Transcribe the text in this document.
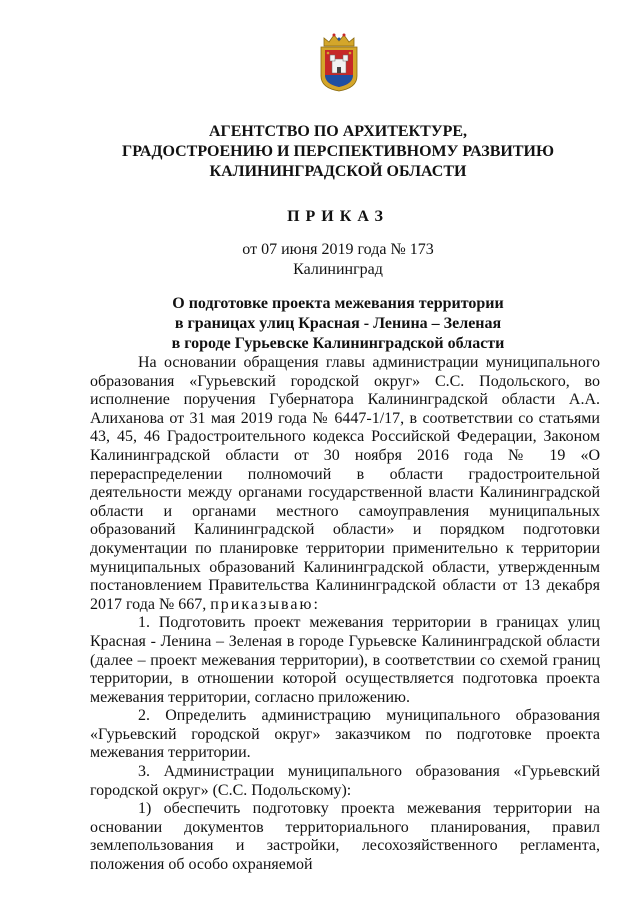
АГЕНТСТВО ПО АРХИТЕКТУРЕ,
ГРАДОСТРОЕНИЮ И ПЕРСПЕКТИВНОМУ РАЗВИТИЮ
КАЛИНИНГРАДСКОЙ ОБЛАСТИ
ПРИКАЗ
от 07 июня 2019 года № 173
Калининград
О подготовке проекта межевания территории
в границах улиц Красная - Ленина – Зеленая
в городе Гурьевске Калининградской области

На основании обращения главы администрации муниципального образования «Гурьевский городской округ» С.С. Подольского, во исполнение поручения Губернатора Калининградской области А.А. Алиханова от 31 мая 2019 года № 6447-1/17, в соответствии со статьями 43, 45, 46 Градостроительного кодекса Российской Федерации, Законом Калининградской области от 30 ноября 2016 года № 19 «О перераспределении полномочий в области градостроительной деятельности между органами государственной власти Калининградской области и органами местного самоуправления муниципальных образований Калининградской области» и порядком подготовки документации по планировке территории применительно к территории муниципальных образований Калининградской области, утвержденным постановлением Правительства Калининградской области от 13 декабря 2017 года № 667, приказываю:

1. Подготовить проект межевания территории в границах улиц Красная - Ленина – Зеленая в городе Гурьевске Калининградской области (далее – проект межевания территории), в соответствии со схемой границ территории, в отношении которой осуществляется подготовка проекта межевания территории, согласно приложению.

2. Определить администрацию муниципального образования «Гурьевский городской округ» заказчиком по подготовке проекта межевания территории.

3. Администрации муниципального образования «Гурьевский городской округ» (С.С. Подольскому):

1) обеспечить подготовку проекта межевания территории на основании документов территориального планирования, правил землепользования и застройки, лесохозяйственного регламента, положения об особо охраняемой
